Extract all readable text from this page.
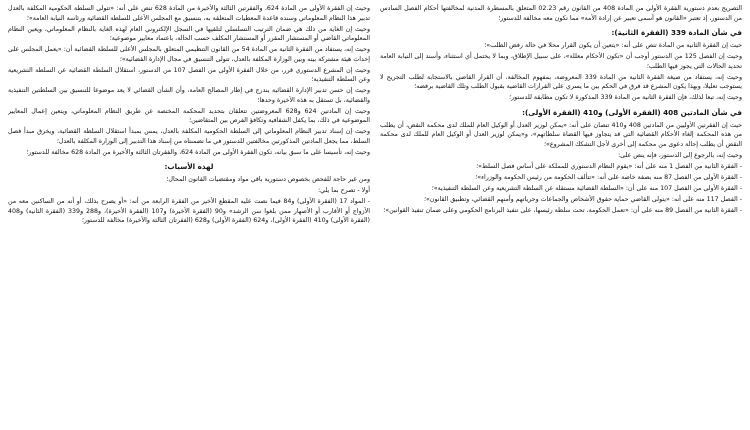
التصريح بعدم دستورية الفقرة الأولى من المادة 408 من القانون رقم 02.23 المتعلق بالمسطرة المدنية لمخالفتها أحكام الفصل السادس من الدستور، إذ تعتبر «القانون هو أسمى تعبير عن إرادة الأمة» مما تكون معه مخالفة للدستور؛

في شأن المادة 339 (الفقرة الثانية):

حيث إن الفقرة الثانية من المادة تنص على أنه: «يتعين أن يكون القرار محلا في حالة رفض الطلب»؛

وحيث إن الفصل 125 من الدستور أوجب أن «تكون الأحكام معللة»، على سبيل الإطلاق، وبما لا يحتمل أي استثناء، وأسند إلى النيابة العامة تحديد الحالات التي يجوز فيها الطلب؛

وحيث إنه، يستفاد من صيغة الفقرة الثانية من المادة 339 المعروضة، بمفهوم المخالفة، أن القرار القاضي بالاستجابة لطلب التجريح لا يستوجب تعليلا، وبهذا يكون المشرع قد فرق في الحكم بين ما يسري على القرارات القاضية بقبول الطلب وتلك القاضية برفضه؛

وحيث إنه، تبعا لذلك، فإن الفقرة الثانية من المادة 339 المذكورة لا تكون مطابقة للدستور؛

في شأن المادتين 408 (الفقرة الأولى) و410 (الفقرة الأولى):

حيث إن الفقرتين الأوليين من المادتين 408 و410 تنصان على أنه: «يمكن لوزير العدل أو الوكيل العام للملك لدى محكمة النقض، أن يطلب من هذه المحكمة إلغاء الأحكام القضائية التي قد يتجاوز فيها القضاة سلطاتهم»، و«يمكن لوزير العدل أو الوكيل العام للملك لدى محكمة النقض أن يطلب إحالة دعوى من محكمة إلى أخرى لأجل التشكك المشروع»؛

وحيث إنه، بالرجوع إلى الدستور، فإنه ينص على:

- الفقرة الثانية من الفصل 1 منه على أنه: «يقوم النظام الدستوري للمملكة على أساس فصل السلط»؛

- الفقرة الأولى من الفصل 87 منه بصفة خاصة على أنه: «تتألف الحكومة من رئيس الحكومة والوزراء»؛

- الفقرة الأولى من الفصل 107 منه على أن: «السلطة القضائية مستقلة عن السلطة التشريعية وعن السلطة التنفيذية»؛

- الفصل 117 منه على أنه: «يتولى القاضي حماية حقوق الأشخاص والجماعات وحرياتهم وأمنهم القضائي، وتطبيق القانون»؛

- الفقرة الثانية من الفصل 89 منه على أن: «تعمل الحكومة، تحت سلطة رئيسها، على تنفيذ البرنامج الحكومي وعلى ضمان تنفيذ القوانين»؛

وحيث إن الفقرة الأولى من المادة 624، والفقرتين الثالثة والأخيرة من المادة 628 تنص على أنه: «تتولى السلطة الحكومية المكلفة بالعدل تدبير هذا النظام المعلوماتي وسنده قاعدة المعطيات المتعلقة به، بتنسيق مع المجلس الأعلى للسلطة القضائية ورئاسة النيابة العامة»؛

وحيث إن الغاية من ذلك هي ضمان الترتيب التسلسلي لتلقيها في السجل الإلكتروني العام لهذه الغاية بالنظام المعلوماتي، ويعين النظام المعلوماتي القاضي أو المستشار المقرر أو المستشار المكلف حسب الحالة، باعتماد معايير موضوعية؛

وحيث إنه، يستفاد من الفقرة الثانية من المادة 54 من القانون التنظيمي المتعلق بالمجلس الأعلى للسلطة القضائية أن: «يعمل المجلس على إحداث هيئة مشتركة بينه وبين الوزارة المكلفة بالعدل، تتولى التنسيق في مجال الإدارة القضائية»؛

وحيث إن المشرع الدستوري قرر، من خلال الفقرة الأولى من الفصل 107 من الدستور، استقلال السلطة القضائية عن السلطة التشريعية وعن السلطة التنفيذية؛

وحيث إن حسن تدبير الإدارة القضائية يندرج في إطار المصالح العامة، وأن الشأن القضائي لا يعد موضوعا للتنسيق بين السلطتين التنفيذية والقضائية، بل تستقل به هذه الأخيرة وحدها؛

وحيث إن المادتين 624 و628 المعروضتين تتعلقان بتحديد المحكمة المختصة عن طريق النظام المعلوماتي، ويتعين إعمال المعايير الموضوعية في ذلك، بما يكفل الشفافية وتكافؤ الفرص بين المتقاضين؛

وحيث إن إسناد تدبير النظام المعلوماتي إلى السلطة الحكومية المكلفة بالعدل، يمس بمبدأ استقلال السلطة القضائية، ويخرق مبدأ فصل السلط، مما يجعل المادتين المذكورتين مخالفتين للدستور في ما تضمنتاه من إسناد هذا التدبير إلى الوزارة المكلفة بالعدل؛

وحيث إنه، تأسيسا على ما سبق بيانه، تكون الفقرة الأولى من المادة 624، والفقرتان الثالثة والأخيرة من المادة 628 مخالفة للدستور؛

لهذه الأسباب:

ومن غير حاجة للفحص بخصوص دستورية باقي مواد ومقتضيات القانون المحال؛

أولا - تصرح بما يلي:

- المواد 17 (الفقرة الأولى) و84 فيما نصت عليه المقطع الأخير من الفقرة الرابعة من أنه: «أو يصرح بذلك، أو أنه من الساكنين معه من الأزواج أو الأقارب أو الأصهار ممن بلغوا سن الرشد» و90 (الفقرة الأخيرة) و107 (الفقرة الأخيرة)، و288 و339 (الفقرة الثانية) و408 (الفقرة الأولى) و410 (الفقرة الأولى)، و624 (الفقرة الأولى) و628 (الفقرتان الثالثة والأخيرة) مخالفة للدستور؛
